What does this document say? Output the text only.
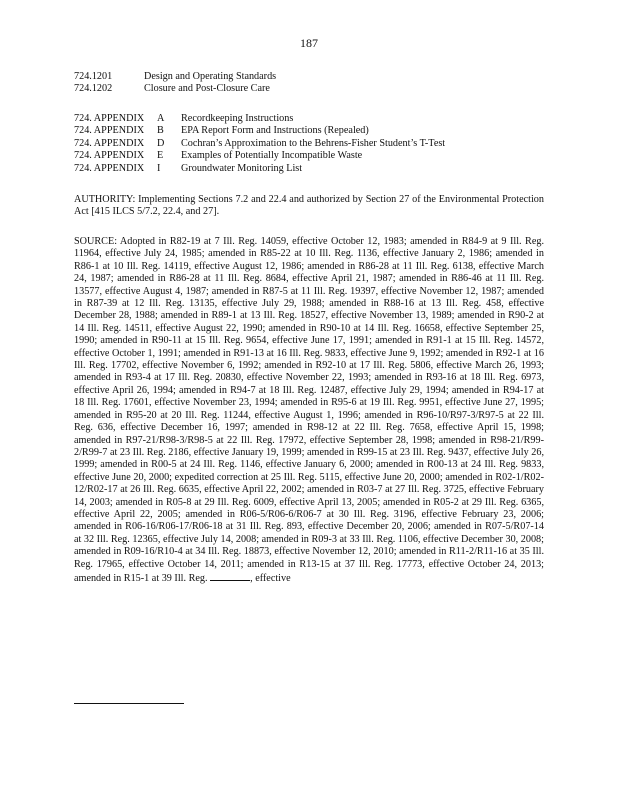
187
724.1201	Design and Operating Standards
724.1202	Closure and Post-Closure Care
724. APPENDIX	A	Recordkeeping Instructions
724. APPENDIX	B	EPA Report Form and Instructions (Repealed)
724. APPENDIX	D	Cochran’s Approximation to the Behrens-Fisher Student’s T-Test
724. APPENDIX	E	Examples of Potentially Incompatible Waste
724. APPENDIX	I	Groundwater Monitoring List
AUTHORITY: Implementing Sections 7.2 and 22.4 and authorized by Section 27 of the Environmental Protection Act [415 ILCS 5/7.2, 22.4, and 27].
SOURCE: Adopted in R82-19 at 7 Ill. Reg. 14059, effective October 12, 1983; amended in R84-9 at 9 Ill. Reg. 11964, effective July 24, 1985; amended in R85-22 at 10 Ill. Reg. 1136, effective January 2, 1986; amended in R86-1 at 10 Ill. Reg. 14119, effective August 12, 1986; amended in R86-28 at 11 Ill. Reg. 6138, effective March 24, 1987; amended in R86-28 at 11 Ill. Reg. 8684, effective April 21, 1987; amended in R86-46 at 11 Ill. Reg. 13577, effective August 4, 1987; amended in R87-5 at 11 Ill. Reg. 19397, effective November 12, 1987; amended in R87-39 at 12 Ill. Reg. 13135, effective July 29, 1988; amended in R88-16 at 13 Ill. Reg. 458, effective December 28, 1988; amended in R89-1 at 13 Ill. Reg. 18527, effective November 13, 1989; amended in R90-2 at 14 Ill. Reg. 14511, effective August 22, 1990; amended in R90-10 at 14 Ill. Reg. 16658, effective September 25, 1990; amended in R90-11 at 15 Ill. Reg. 9654, effective June 17, 1991; amended in R91-1 at 15 Ill. Reg. 14572, effective October 1, 1991; amended in R91-13 at 16 Ill. Reg. 9833, effective June 9, 1992; amended in R92-1 at 16 Ill. Reg. 17702, effective November 6, 1992; amended in R92-10 at 17 Ill. Reg. 5806, effective March 26, 1993; amended in R93-4 at 17 Ill. Reg. 20830, effective November 22, 1993; amended in R93-16 at 18 Ill. Reg. 6973, effective April 26, 1994; amended in R94-7 at 18 Ill. Reg. 12487, effective July 29, 1994; amended in R94-17 at 18 Ill. Reg. 17601, effective November 23, 1994; amended in R95-6 at 19 Ill. Reg. 9951, effective June 27, 1995; amended in R95-20 at 20 Ill. Reg. 11244, effective August 1, 1996; amended in R96-10/R97-3/R97-5 at 22 Ill. Reg. 636, effective December 16, 1997; amended in R98-12 at 22 Ill. Reg. 7658, effective April 15, 1998; amended in R97-21/R98-3/R98-5 at 22 Ill. Reg. 17972, effective September 28, 1998; amended in R98-21/R99-2/R99-7 at 23 Ill. Reg. 2186, effective January 19, 1999; amended in R99-15 at 23 Ill. Reg. 9437, effective July 26, 1999; amended in R00-5 at 24 Ill. Reg. 1146, effective January 6, 2000; amended in R00-13 at 24 Ill. Reg. 9833, effective June 20, 2000; expedited correction at 25 Ill. Reg. 5115, effective June 20, 2000; amended in R02-1/R02-12/R02-17 at 26 Ill. Reg. 6635, effective April 22, 2002; amended in R03-7 at 27 Ill. Reg. 3725, effective February 14, 2003; amended in R05-8 at 29 Ill. Reg. 6009, effective April 13, 2005; amended in R05-2 at 29 Ill. Reg. 6365, effective April 22, 2005; amended in R06-5/R06-6/R06-7 at 30 Ill. Reg. 3196, effective February 23, 2006; amended in R06-16/R06-17/R06-18 at 31 Ill. Reg. 893, effective December 20, 2006; amended in R07-5/R07-14 at 32 Ill. Reg. 12365, effective July 14, 2008; amended in R09-3 at 33 Ill. Reg. 1106, effective December 30, 2008; amended in R09-16/R10-4 at 34 Ill. Reg. 18873, effective November 12, 2010; amended in R11-2/R11-16 at 35 Ill. Reg. 17965, effective October 14, 2011; amended in R13-15 at 37 Ill. Reg. 17773, effective October 24, 2013; amended in R15-1 at 39 Ill. Reg.	, effective
